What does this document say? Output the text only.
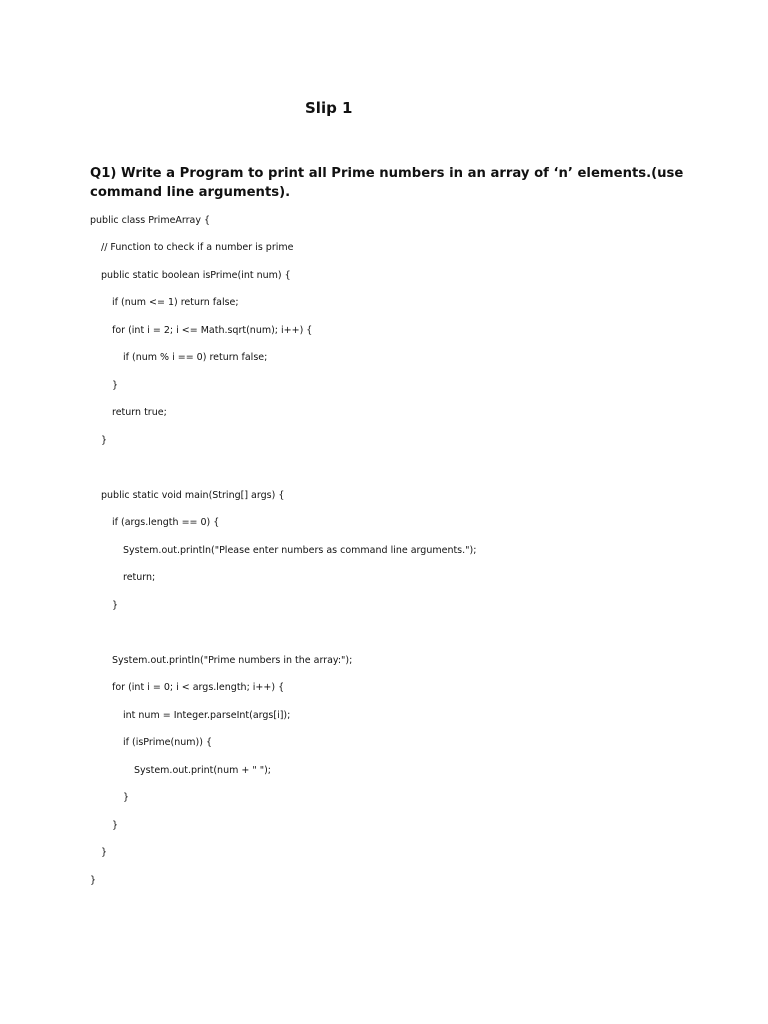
Slip 1
Q1) Write a Program to print all Prime numbers in an array of ‘n’ elements.(use command line arguments).
public class PrimeArray {
// Function to check if a number is prime
public static boolean isPrime(int num) {
if (num <= 1) return false;
for (int i = 2; i <= Math.sqrt(num); i++) {
if (num % i == 0) return false;
}
return true;
}
public static void main(String[] args) {
if (args.length == 0) {
System.out.println("Please enter numbers as command line arguments.");
return;
}
System.out.println("Prime numbers in the array:");
for (int i = 0; i < args.length; i++) {
int num = Integer.parseInt(args[i]);
if (isPrime(num)) {
System.out.print(num + " ");
}
}
}
}
